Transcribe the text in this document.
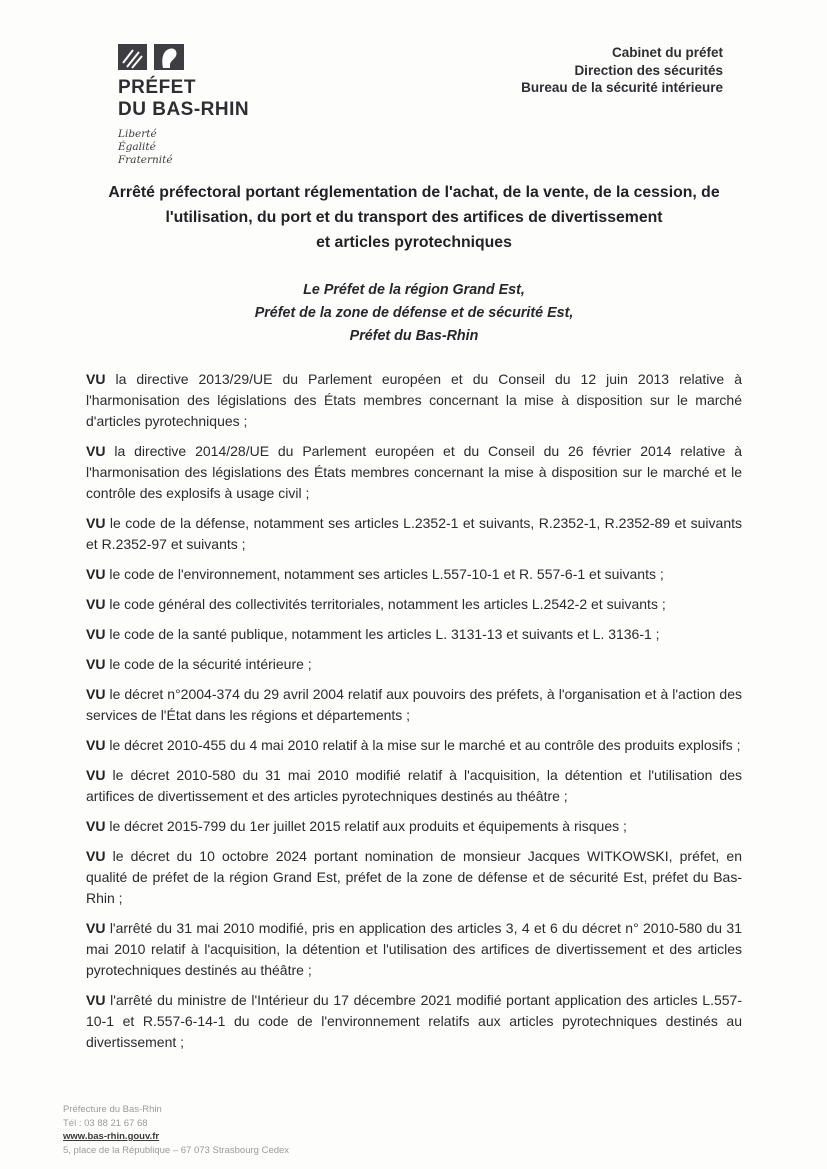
PRÉFET
DU BAS-RHIN
Liberté
Égalité
Fraternité
Cabinet du préfet
Direction des sécurités
Bureau de la sécurité intérieure
Arrêté préfectoral portant réglementation de l'achat, de la vente, de la cession, de
l'utilisation, du port et du transport des artifices de divertissement
et articles pyrotechniques
Le Préfet de la région Grand Est,
Préfet de la zone de défense et de sécurité Est,
Préfet du Bas-Rhin

VU la directive 2013/29/UE du Parlement européen et du Conseil du 12 juin 2013 relative à l'harmonisation des législations des États membres concernant la mise à disposition sur le marché d'articles pyrotechniques ;

VU la directive 2014/28/UE du Parlement européen et du Conseil du 26 février 2014 relative à l'harmonisation des législations des États membres concernant la mise à disposition sur le marché et le contrôle des explosifs à usage civil ;

VU le code de la défense, notamment ses articles L.2352-1 et suivants, R.2352-1, R.2352-89 et suivants et R.2352-97 et suivants ;

VU le code de l'environnement, notamment ses articles L.557-10-1 et R. 557-6-1 et suivants ;

VU le code général des collectivités territoriales, notamment les articles L.2542-2 et suivants ;

VU le code de la santé publique, notamment les articles L. 3131-13 et suivants et L. 3136-1 ;

VU le code de la sécurité intérieure ;

VU le décret n°2004-374 du 29 avril 2004 relatif aux pouvoirs des préfets, à l'organisation et à l'action des services de l'État dans les régions et départements ;

VU le décret 2010-455 du 4 mai 2010 relatif à la mise sur le marché et au contrôle des produits explosifs ;

VU le décret 2010-580 du 31 mai 2010 modifié relatif à l'acquisition, la détention et l'utilisation des artifices de divertissement et des articles pyrotechniques destinés au théâtre ;

VU le décret 2015-799 du 1er juillet 2015 relatif aux produits et équipements à risques ;

VU le décret du 10 octobre 2024 portant nomination de monsieur Jacques WITKOWSKI, préfet, en qualité de préfet de la région Grand Est, préfet de la zone de défense et de sécurité Est, préfet du Bas-Rhin ;

VU l'arrêté du 31 mai 2010 modifié, pris en application des articles 3, 4 et 6 du décret n° 2010-580 du 31 mai 2010 relatif à l'acquisition, la détention et l'utilisation des artifices de divertissement et des articles pyrotechniques destinés au théâtre ;

VU l'arrêté du ministre de l'Intérieur du 17 décembre 2021 modifié portant application des articles L.557-10-1 et R.557-6-14-1 du code de l'environnement relatifs aux articles pyrotechniques destinés au divertissement ;

Préfecture du Bas-Rhin
Tél : 03 88 21 67 68
www.bas-rhin.gouv.fr
5, place de la République – 67 073 Strasbourg Cedex
